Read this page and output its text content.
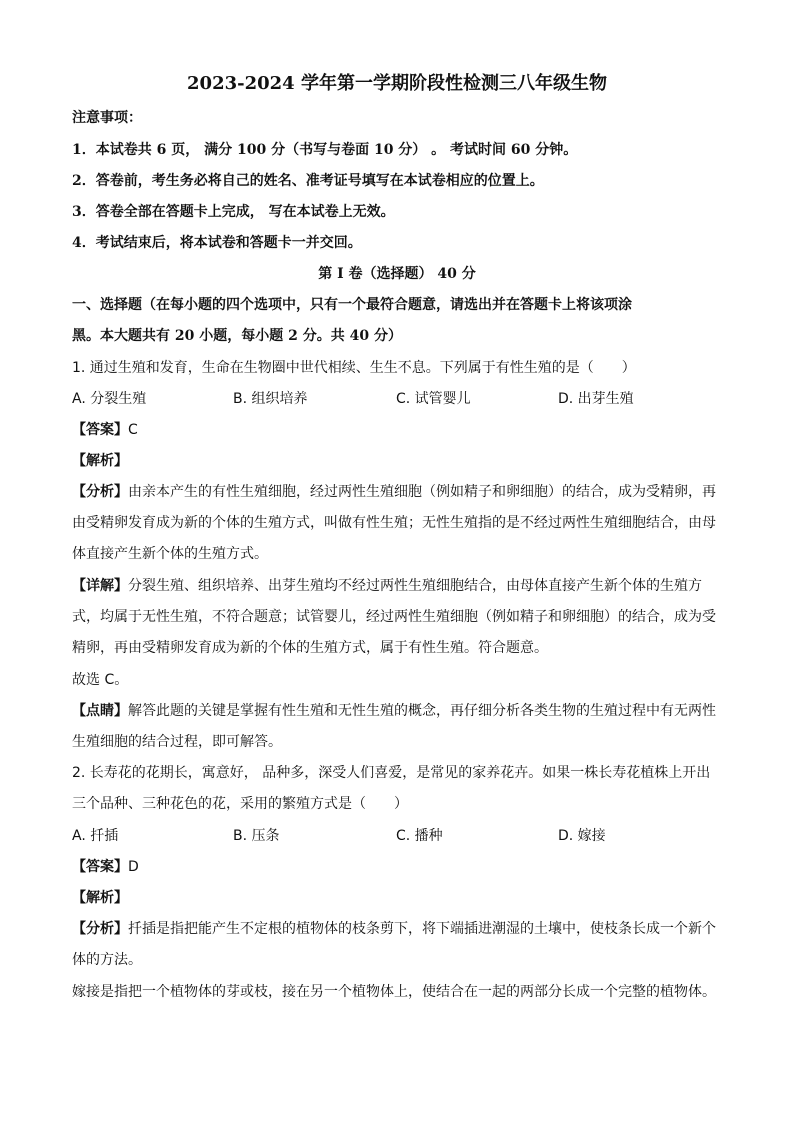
2023-2024 学年第一学期阶段性检测三八年级生物
注意事项：
1．本试卷共 6 页， 满分 100 分（书写与卷面 10 分） 。 考试时间 60 分钟。
2．答卷前，考生务必将自己的姓名、准考证号填写在本试卷相应的位置上。
3．答卷全部在答题卡上完成， 写在本试卷上无效。
4．考试结束后，将本试卷和答题卡一并交回。
第 Ⅰ 卷（选择题） 40 分
一、选择题（在每小题的四个选项中，只有一个最符合题意，请选出并在答题卡上将该项涂
黑。本大题共有 20 小题，每小题 2 分。共 40 分）
1. 通过生殖和发育，生命在生物圈中世代相续、生生不息。下列属于有性生殖的是（　　）
A. 分裂生殖	B. 组织培养	C. 试管婴儿	D. 出芽生殖
【答案】C
【解析】
【分析】由亲本产生的有性生殖细胞，经过两性生殖细胞（例如精子和卵细胞）的结合，成为受精卵，再
由受精卵发育成为新的个体的生殖方式，叫做有性生殖；无性生殖指的是不经过两性生殖细胞结合，由母
体直接产生新个体的生殖方式。
【详解】分裂生殖、组织培养、出芽生殖均不经过两性生殖细胞结合，由母体直接产生新个体的生殖方
式，均属于无性生殖，不符合题意；试管婴儿，经过两性生殖细胞（例如精子和卵细胞）的结合，成为受
精卵，再由受精卵发育成为新的个体的生殖方式，属于有性生殖。符合题意。
故选 C。
【点睛】解答此题的关键是掌握有性生殖和无性生殖的概念，再仔细分析各类生物的生殖过程中有无两性
生殖细胞的结合过程，即可解答。
2. 长寿花的花期长，寓意好， 品种多，深受人们喜爱，是常见的家养花卉。如果一株长寿花植株上开出
三个品种、三种花色的花，采用的繁殖方式是（　　）
A. 扦插	B. 压条	C. 播种	D. 嫁接
【答案】D
【解析】
【分析】扦插是指把能产生不定根的植物体的枝条剪下，将下端插进潮湿的土壤中，使枝条长成一个新个
体的方法。
嫁接是指把一个植物体的芽或枝，接在另一个植物体上，使结合在一起的两部分长成一个完整的植物体。
